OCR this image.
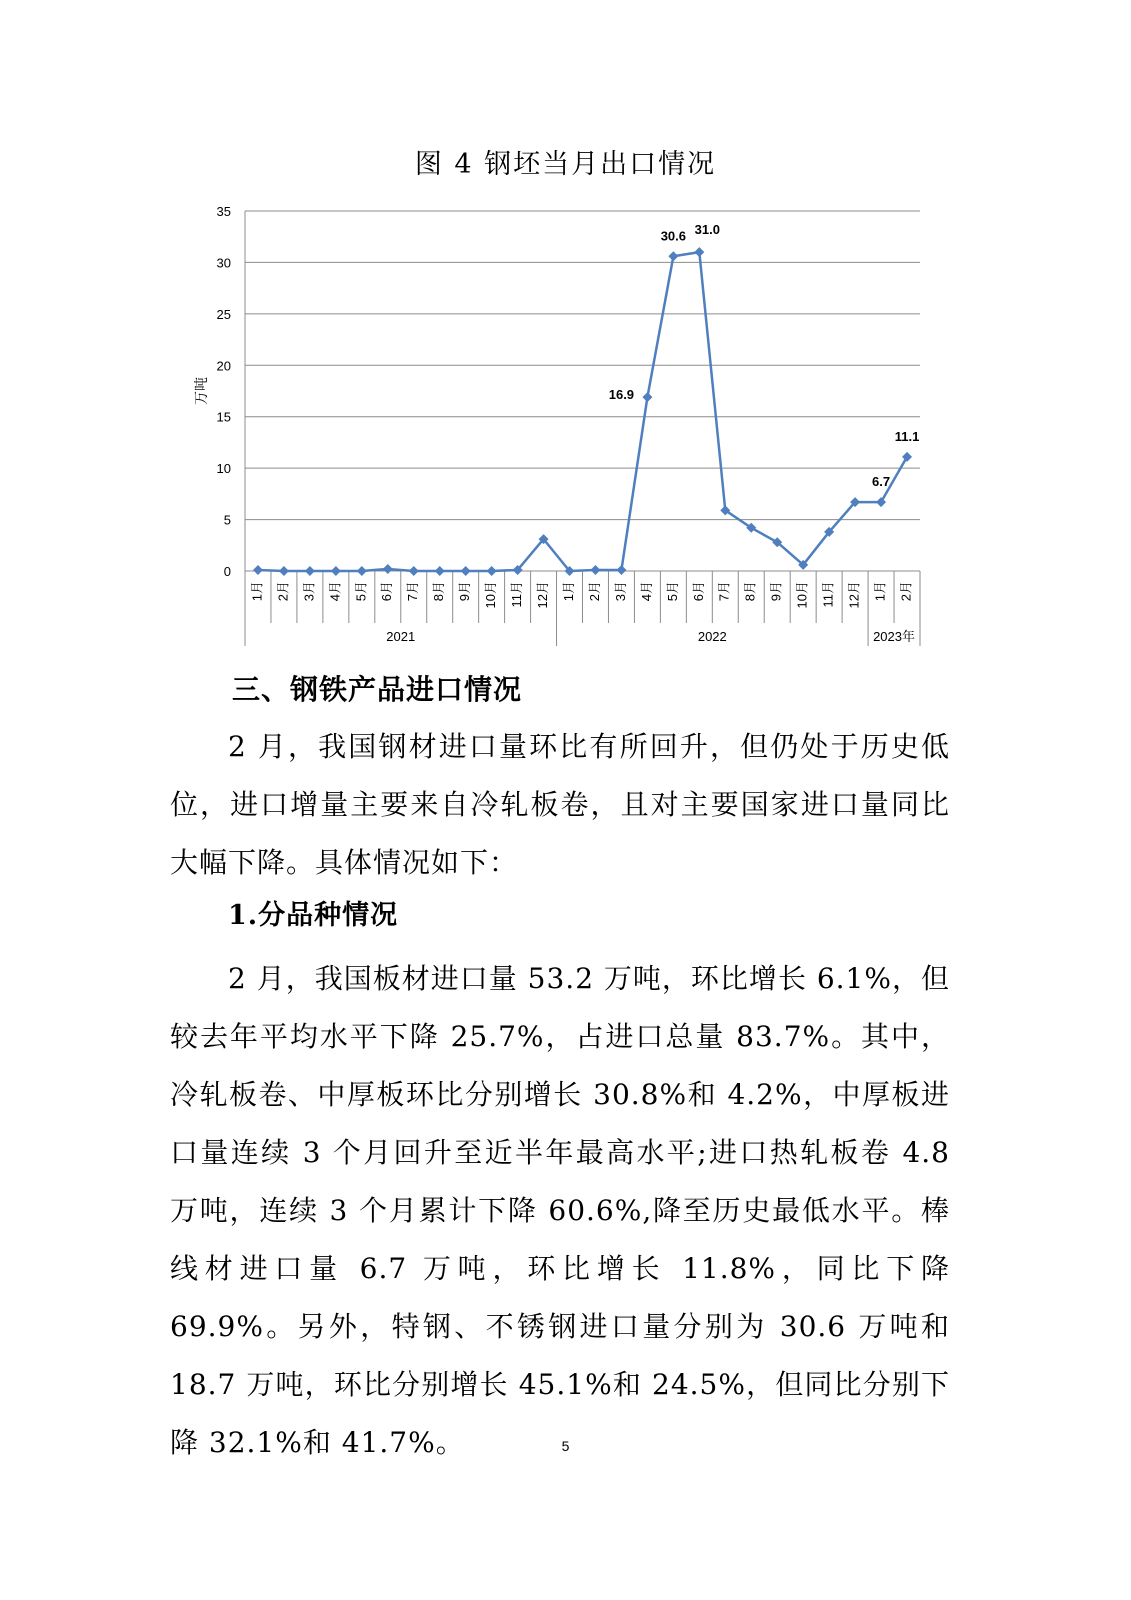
图 4 钢坯当月出口情况
0
5
10
15
20
25
30
35
万吨
1月 2月 3月 4月 5月 6月 7月 8月 9月 10月 11月 12月 1月 2月 3月 4月 5月 6月 7月 8月 9月 10月 11月 12月 1月 2月
2021	2022	2023年
16.9
30.6 31.0
6.7
11.1
三、钢铁产品进口情况

2 月，我国钢材进口量环比有所回升，但仍处于历史低位，进口增量主要来自冷轧板卷，且对主要国家进口量同比大幅下降。具体情况如下：

1.分品种情况

2 月，我国板材进口量 53.2 万吨，环比增长 6.1%，但较去年平均水平下降 25.7%，占进口总量 83.7%。其中，冷轧板卷、中厚板环比分别增长 30.8%和 4.2%，中厚板进口量连续 3 个月回升至近半年最高水平;进口热轧板卷 4.8 万吨，连续 3 个月累计下降 60.6%,降至历史最低水平。棒线材进口量 6.7 万吨，环比增长 11.8%，同比下降 69.9%。另外，特钢、不锈钢进口量分别为 30.6 万吨和 18.7 万吨，环比分别增长 45.1%和 24.5%，但同比分别下降 32.1%和 41.7%。	5
